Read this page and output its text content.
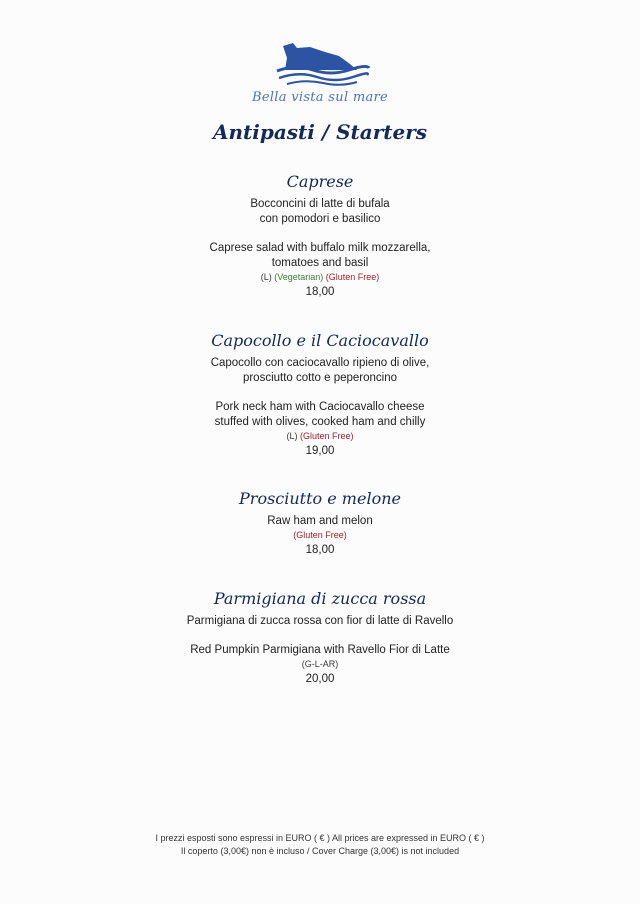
Bella vista sul mare
Antipasti / Starters
Caprese
Bocconcini di latte di bufala
con pomodori e basilico
Caprese salad with buffalo milk mozzarella,
tomatoes and basil
(L) (Vegetarian) (Gluten Free)
18,00
Capocollo e il Caciocavallo
Capocollo con caciocavallo ripieno di olive,
prosciutto cotto e peperoncino
Pork neck ham with Caciocavallo cheese
stuffed with olives, cooked ham and chilly
(L) (Gluten Free)
19,00
Prosciutto e melone
Raw ham and melon
(Gluten Free)
18,00
Parmigiana di zucca rossa
Parmigiana di zucca rossa con fior di latte di Ravello
Red Pumpkin Parmigiana with Ravello Fior di Latte
(G-L-AR)
20,00
I prezzi esposti sono espressi in EURO ( € ) All prices are expressed in EURO ( € )
Il coperto (3,00€) non è incluso / Cover Charge (3,00€) is not included
